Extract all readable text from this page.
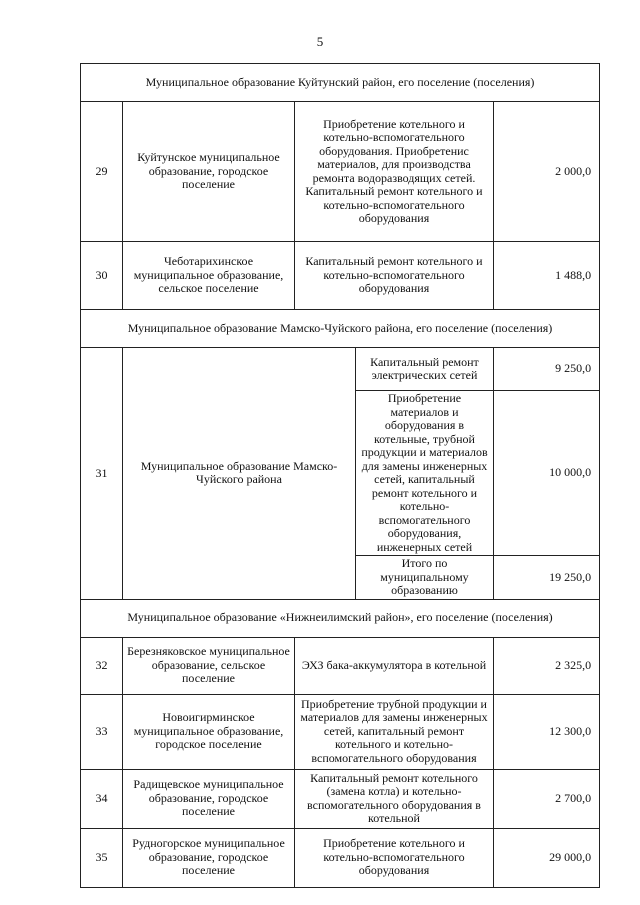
5
Муниципальное образование Куйтунский район, его поселение (поселения)				
29	Куйтунское муниципальное образование, городское поселение	Приобретение котельного и котельно-вспомогательного оборудования. Приобретенис материалов, для производства ремонта водоразводящих сетей. Капитальный ремонт котельного и котельно-вспомогательного оборудования		2 000,0
30	Чеботарихинское муниципальное образование, сельское поселение	Капитальный ремонт котельного и котельно-вспомогательного оборудования		1 488,0
Муниципальное образование Мамско-Чуйского района, его поселение (поселения)				
31	Муниципальное образование Мамско-Чуйского района		Капитальный ремонт электрических сетей	9 250,0
			Приобретение материалов и оборудования в котельные, трубной продукции и материалов для замены инженерных сетей, капитальный ремонт котельного и котельно-вспомогательного оборудования, инженерных сетей	10 000,0
			Итого по муниципальному образованию	19 250,0
Муниципальное образование «Нижнеилимский район», его поселение (поселения)				
32	Березняковское муниципальное образование, сельское поселение	ЭХЗ бака-аккумулятора в котельной		2 325,0
33	Новоигирминское муниципальное образование, городское поселение	Приобретение трубной продукции и материалов для замены инженерных сетей, капитальный ремонт котельного и котельно-вспомогательного оборудования		12 300,0
34	Радищевское муниципальное образование, городское поселение	Капитальный ремонт котельного (замена котла) и котельно-вспомогательного оборудования в котельной		2 700,0
35	Рудногорское муниципальное образование, городское поселение	Приобретение котельного и котельно-вспомогательного оборудования		29 000,0
